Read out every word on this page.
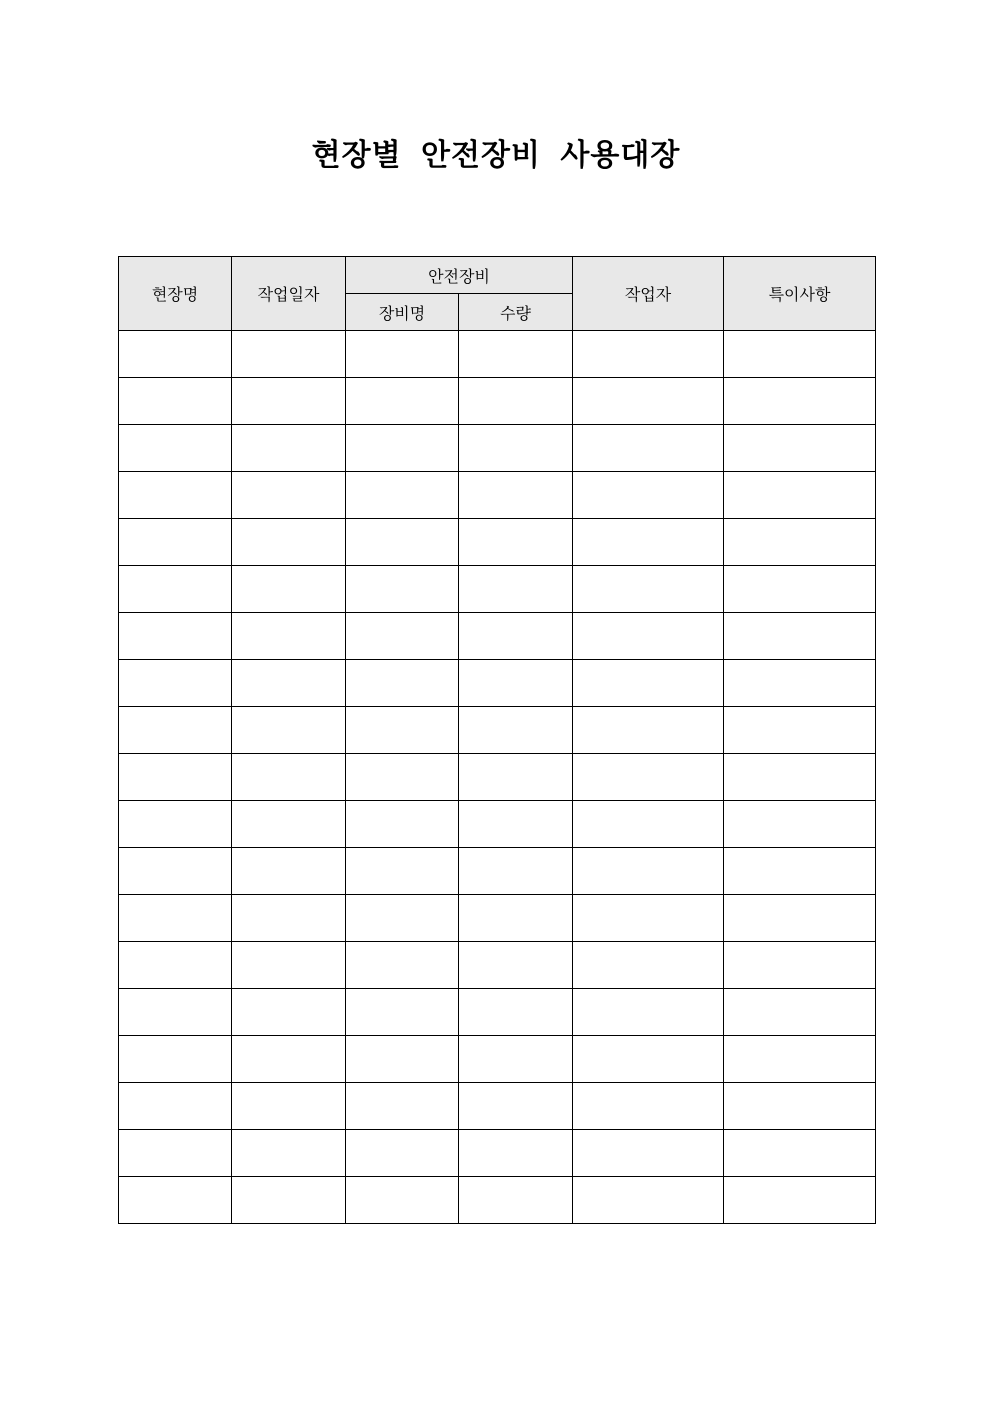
현장별 안전장비 사용대장
현장명	작업일자	안전장비		작업자	특이사항
		장비명	수량		
